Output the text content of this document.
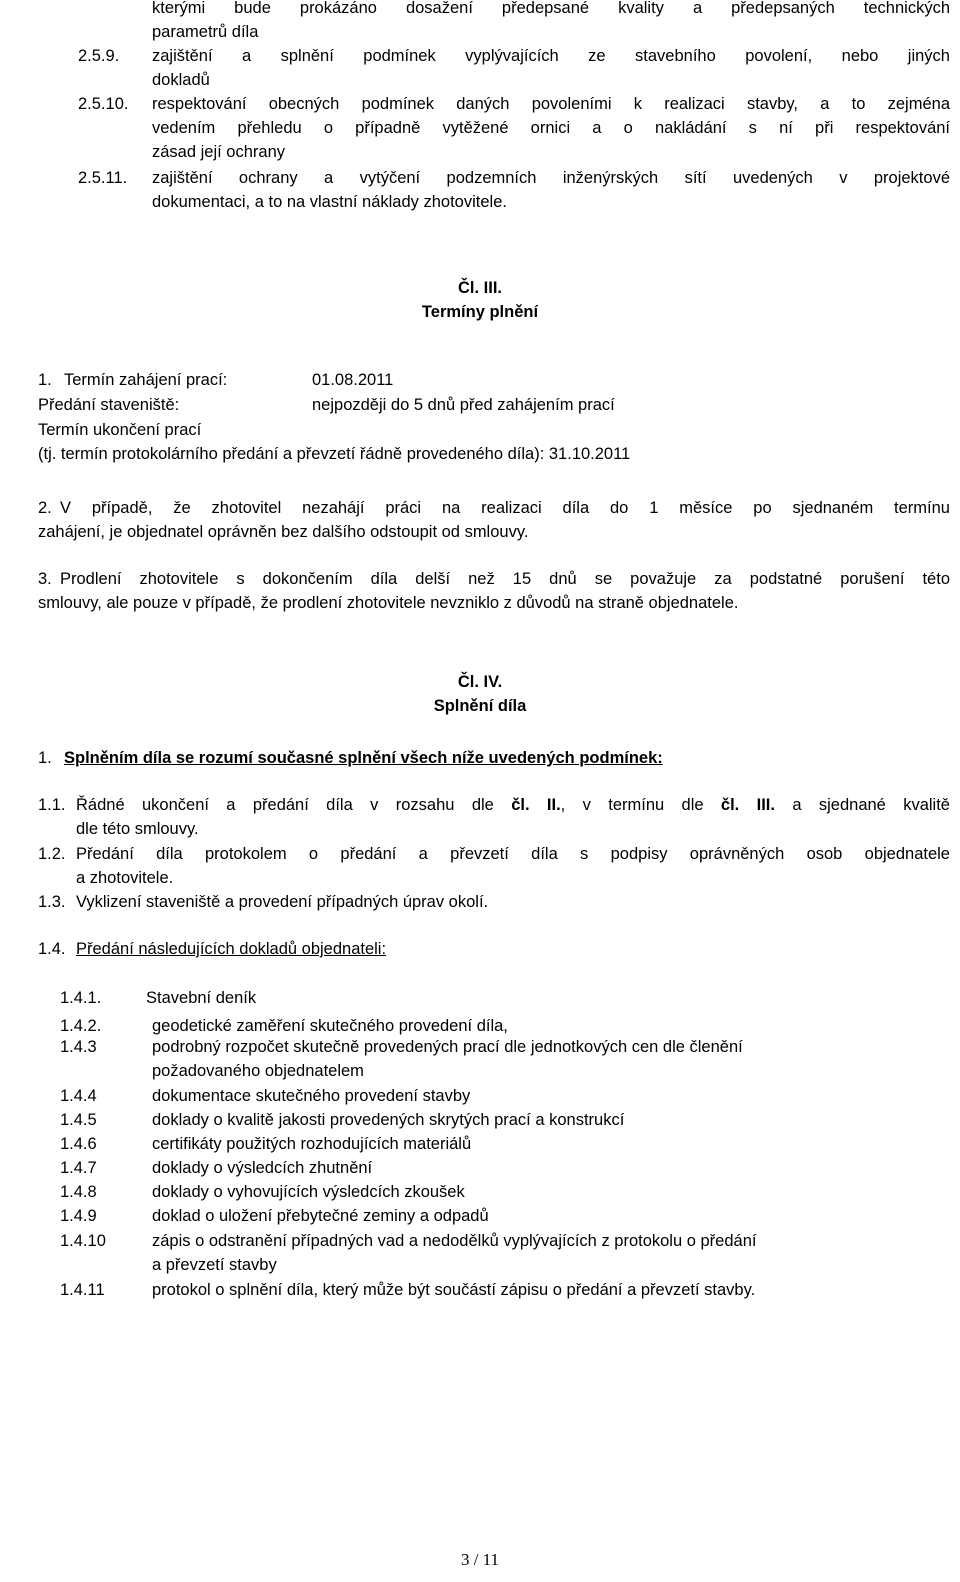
kterými bude prokázáno dosažení předepsané kvality a předepsaných technických
parametrů díla
2.5.9. zajištění a splnění podmínek vyplývajících ze stavebního povolení, nebo jiných
dokladů
2.5.10. respektování obecných podmínek daných povoleními k realizaci stavby, a to zejména
vedením přehledu o případně vytěžené ornici a o nakládání s ní při respektování
zásad její ochrany
2.5.11. zajištění ochrany a vytýčení podzemních inženýrských sítí uvedených v projektové
dokumentaci, a to na vlastní náklady zhotovitele.
Čl. III.
Termíny plnění
1. Termín zahájení prací:	01.08.2011
Předání staveniště:	nejpozději do 5 dnů před zahájením prací
Termín ukončení prací
(tj. termín protokolárního předání a převzetí řádně provedeného díla): 31.10.2011
2. V případě, že zhotovitel nezahájí práci na realizaci díla do 1 měsíce po sjednaném termínu
zahájení, je objednatel oprávněn bez dalšího odstoupit od smlouvy.
3. Prodlení zhotovitele s dokončením díla delší než 15 dnů se považuje za podstatné porušení této
smlouvy, ale pouze v případě, že prodlení zhotovitele nevzniklo z důvodů na straně objednatele.
Čl. IV.
Splnění díla
1. Splněním díla se rozumí současné splnění všech níže uvedených podmínek:
1.1. Řádné ukončení a předání díla v rozsahu dle čl. II., v termínu dle čl. III. a sjednané kvalitě
dle této smlouvy.
1.2. Předání díla protokolem o předání a převzetí díla s podpisy oprávněných osob objednatele
a zhotovitele.
1.3. Vyklizení staveniště a provedení případných úprav okolí.
1.4. Předání následujících dokladů objednateli:
1.4.1.	Stavební deník
1.4.2.	geodetické zaměření skutečného provedení díla,
1.4.3	podrobný rozpočet skutečně provedených prací dle jednotkových cen dle členění
požadovaného objednatelem
1.4.4	dokumentace skutečného provedení stavby
1.4.5	doklady o kvalitě jakosti provedených skrytých prací a konstrukcí
1.4.6	certifikáty použitých rozhodujících materiálů
1.4.7	doklady o výsledcích zhutnění
1.4.8	doklady o vyhovujících výsledcích zkoušek
1.4.9	doklad o uložení přebytečné zeminy a odpadů
1.4.10	zápis o odstranění případných vad a nedodělků vyplývajících z protokolu o předání
a převzetí stavby
1.4.11	protokol o splnění díla, který může být součástí zápisu o předání a převzetí stavby.
3 / 11
